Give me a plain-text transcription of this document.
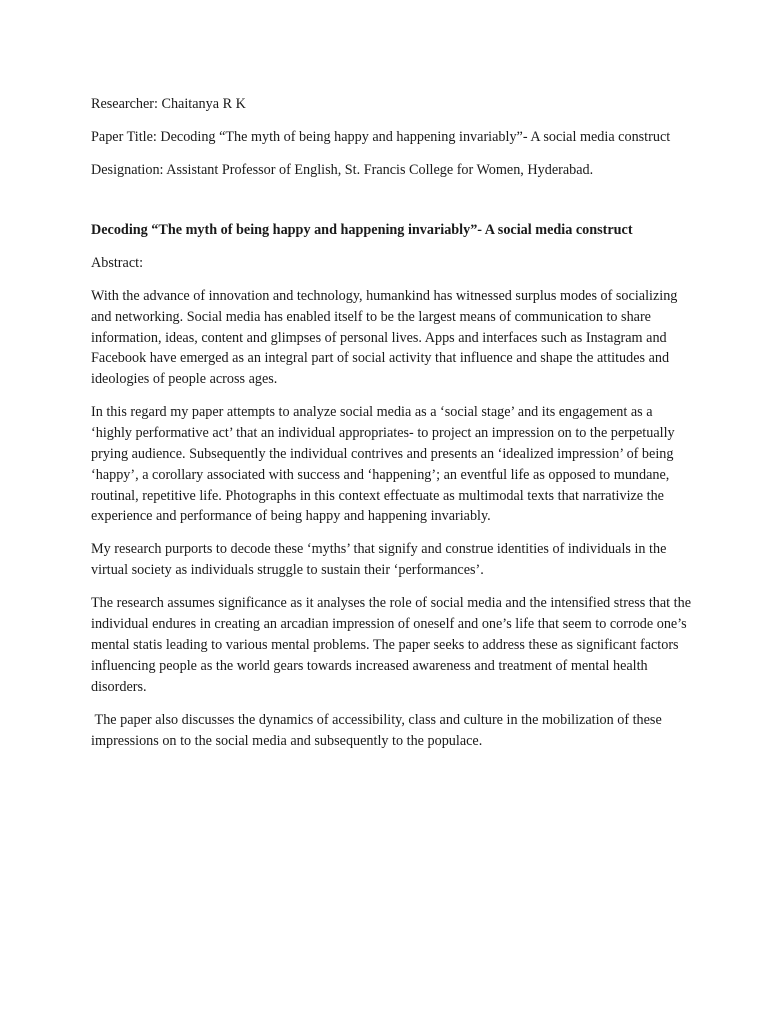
Researcher: Chaitanya R K

Paper Title: Decoding “The myth of being happy and happening invariably”- A social media construct

Designation: Assistant Professor of English, St. Francis College for Women, Hyderabad.

Decoding “The myth of being happy and happening invariably”- A social media construct

Abstract:

With the advance of innovation and technology, humankind has witnessed surplus modes of socializing and networking. Social media has enabled itself to be the largest means of communication to share information, ideas, content and glimpses of personal lives. Apps and interfaces such as Instagram and Facebook have emerged as an integral part of social activity that influence and shape the attitudes and ideologies of people across ages.

In this regard my paper attempts to analyze social media as a ‘social stage’ and its engagement as a ‘highly performative act’ that an individual appropriates- to project an impression on to the perpetually prying audience. Subsequently the individual contrives and presents an ‘idealized impression’ of being ‘happy’, a corollary associated with success and ‘happening’; an eventful life as opposed to mundane, routinal, repetitive life. Photographs in this context effectuate as multimodal texts that narrativize the experience and performance of being happy and happening invariably.

My research purports to decode these ‘myths’ that signify and construe identities of individuals in the virtual society as individuals struggle to sustain their ‘performances’.

The research assumes significance as it analyses the role of social media and the intensified stress that the individual endures in creating an arcadian impression of oneself and one’s life that seem to corrode one’s mental statis leading to various mental problems. The paper seeks to address these as significant factors influencing people as the world gears towards increased awareness and treatment of mental health disorders.

The paper also discusses the dynamics of accessibility, class and culture in the mobilization of these impressions on to the social media and subsequently to the populace.
